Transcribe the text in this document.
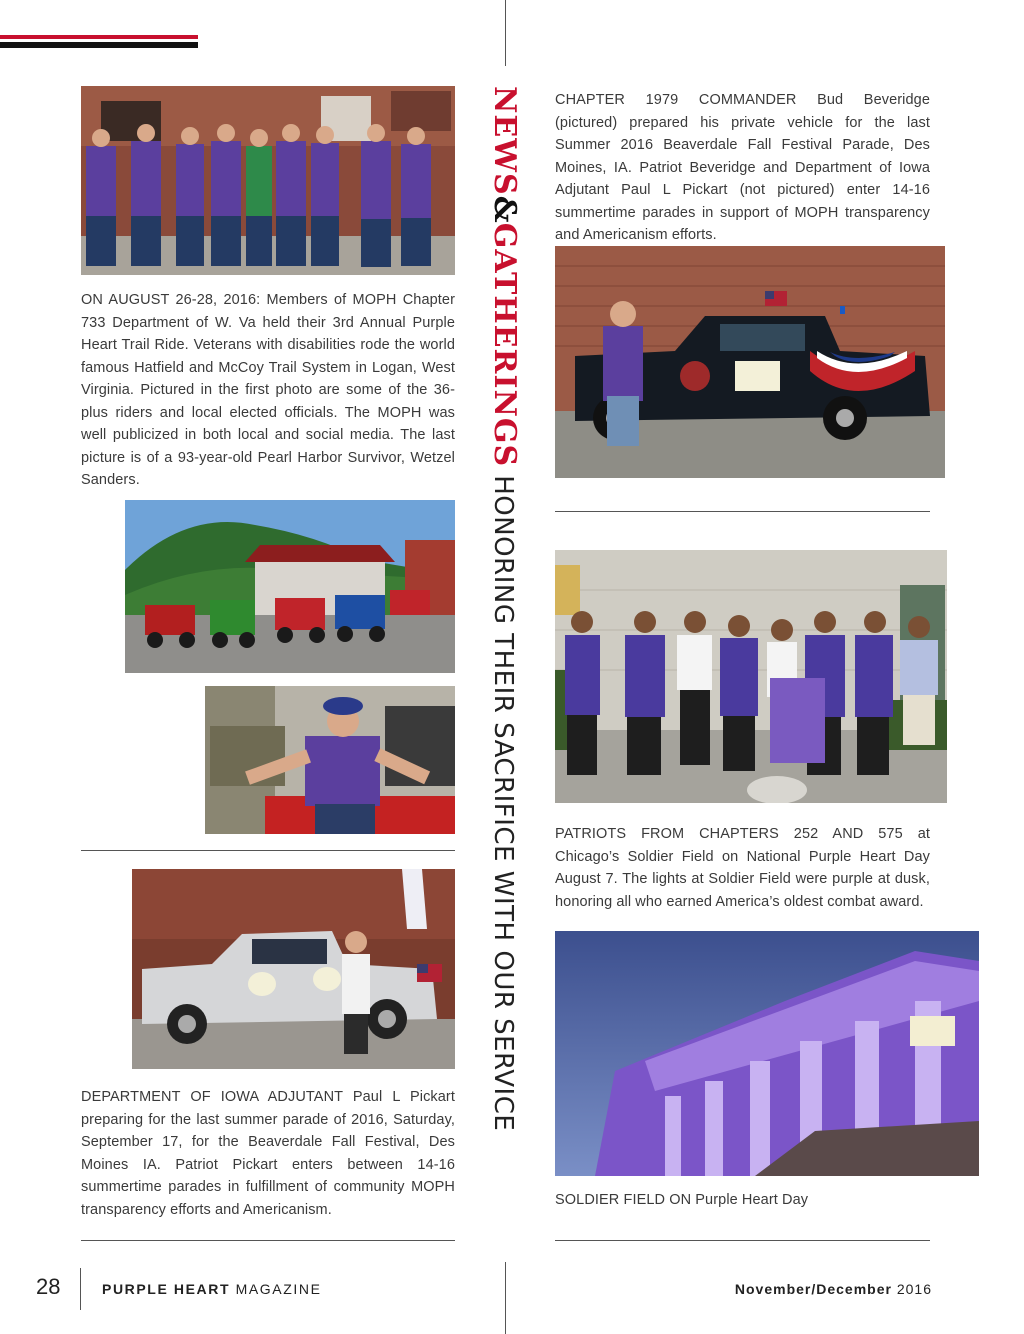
NEWS&GATHERINGSHONORING THEIR SACRIFICE WITH OUR SERVICE
ON AUGUST 26-28, 2016: Members of MOPH Chapter 733 Department of W. Va held their 3rd Annual Purple Heart Trail Ride. Veterans with disabilities rode the world famous Hatfield and McCoy Trail System in Logan, West Virginia. Pictured in the first photo are some of the 36-plus riders and local elected officials. The MOPH was well publicized in both local and social media. The last picture is of a 93-year-old Pearl Harbor Survivor, Wetzel Sanders.
DEPARTMENT OF IOWA ADJUTANT Paul L Pickart preparing for the last summer parade of 2016, Saturday, September 17, for the Beaverdale Fall Festival, Des Moines IA. Patriot Pickart enters between 14-16 summertime parades in fulfillment of community MOPH transparency efforts and Americanism.
CHAPTER 1979 COMMANDER Bud Beveridge (pictured) prepared his private vehicle for the last Summer 2016 Beaverdale Fall Festival Parade, Des Moines, IA. Patriot Beveridge and Department of Iowa Adjutant Paul L Pickart (not pictured) enter 14-16 summertime parades in support of MOPH transparency and Americanism efforts.
PATRIOTS FROM CHAPTERS 252 AND 575 at Chicago’s Soldier Field on National Purple Heart Day August 7. The lights at Soldier Field were purple at dusk, honoring all who earned America’s oldest combat award.
SOLDIER FIELD ON Purple Heart Day
28	PURPLE HEART MAGAZINE	November/December 2016
